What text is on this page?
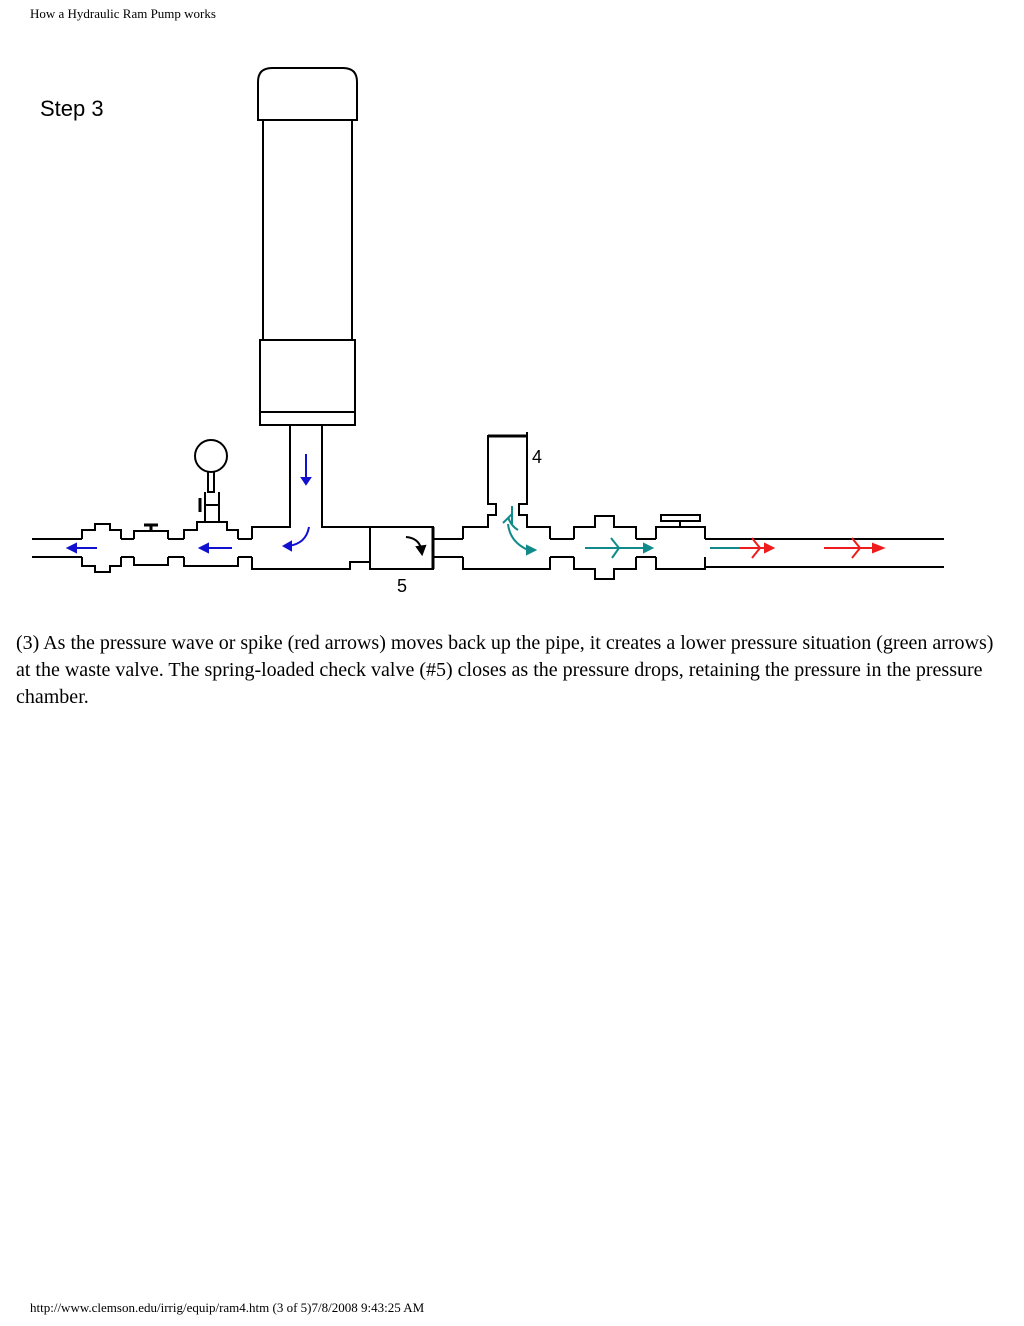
How a Hydraulic Ram Pump works
Step 3
4
5

(3) As the pressure wave or spike (red arrows) moves back up the pipe, it creates a lower pressure situation (green arrows) at the waste valve. The spring-loaded check valve (#5) closes as the pressure drops, retaining the pressure in the pressure chamber.

http://www.clemson.edu/irrig/equip/ram4.htm (3 of 5)7/8/2008 9:43:25 AM
